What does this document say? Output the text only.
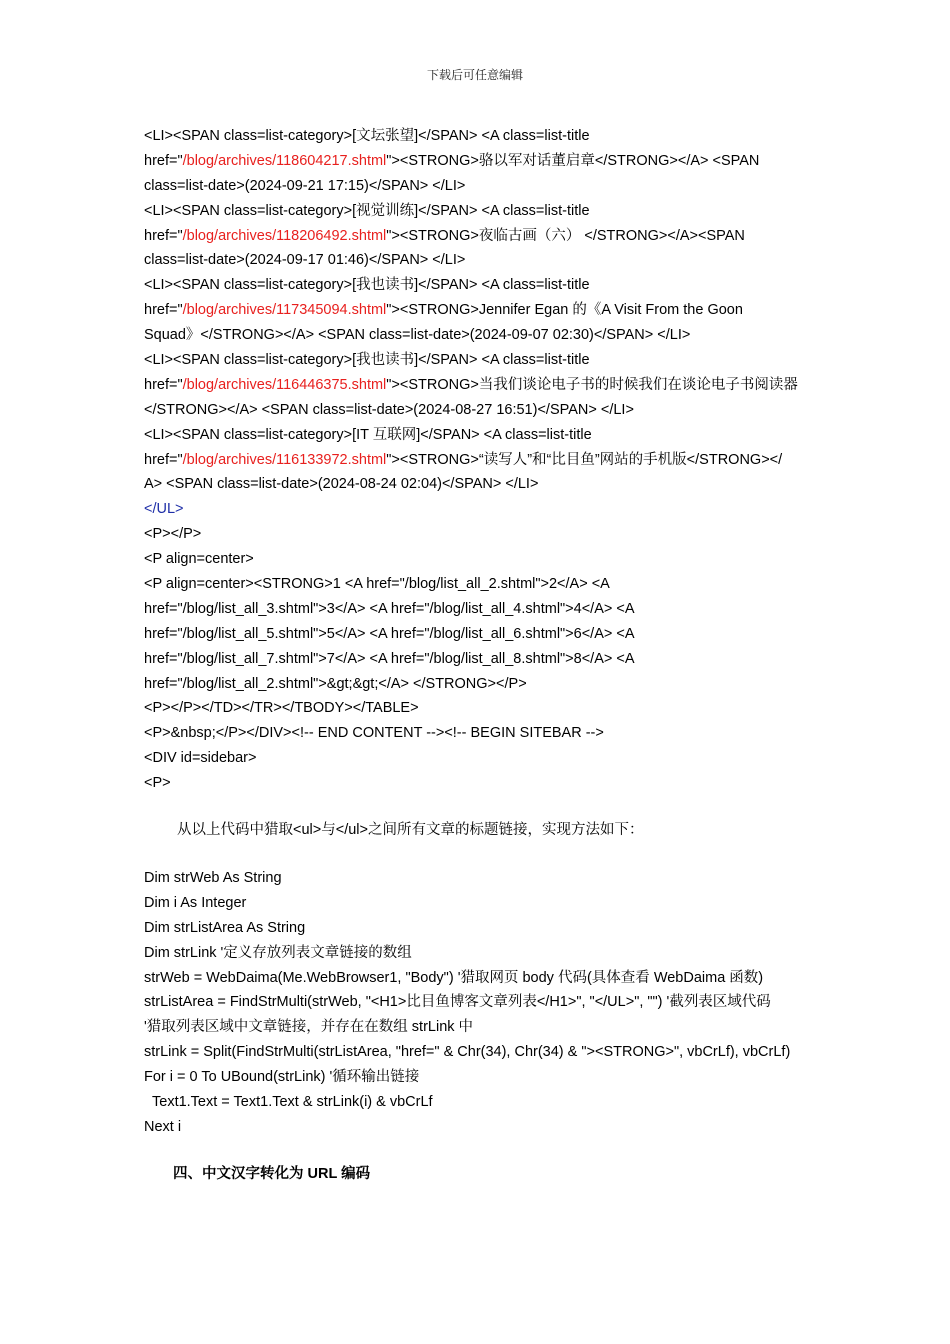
下载后可任意编辑
<LI><SPAN class=list-category>[文坛张望]</SPAN> <A class=list-title
href="/blog/archives/118604217.shtml"><STRONG>骆以军对话董启章</STRONG></A> <SPAN
class=list-date>(2024-09-21 17:15)</SPAN> </LI>
<LI><SPAN class=list-category>[视觉训练]</SPAN> <A class=list-title
href="/blog/archives/118206492.shtml"><STRONG>夜临古画（六） </STRONG></A><SPAN
class=list-date>(2024-09-17 01:46)</SPAN> </LI>
<LI><SPAN class=list-category>[我也读书]</SPAN> <A class=list-title
href="/blog/archives/117345094.shtml"><STRONG>Jennifer Egan 的《A Visit From the Goon
Squad》</STRONG></A> <SPAN class=list-date>(2024-09-07 02:30)</SPAN> </LI>
<LI><SPAN class=list-category>[我也读书]</SPAN> <A class=list-title
href="/blog/archives/116446375.shtml"><STRONG>当我们谈论电子书的时候我们在谈论电子书阅读器
</STRONG></A> <SPAN class=list-date>(2024-08-27 16:51)</SPAN> </LI>
<LI><SPAN class=list-category>[IT 互联网]</SPAN> <A class=list-title
href="/blog/archives/116133972.shtml"><STRONG>“读写人”和“比目鱼”网站的手机版</STRONG></
A> <SPAN class=list-date>(2024-08-24 02:04)</SPAN> </LI>
</UL>
<P></P>
<P align=center>
<P align=center><STRONG>1 <A href="/blog/list_all_2.shtml">2</A> <A
href="/blog/list_all_3.shtml">3</A> <A href="/blog/list_all_4.shtml">4</A> <A
href="/blog/list_all_5.shtml">5</A> <A href="/blog/list_all_6.shtml">6</A> <A
href="/blog/list_all_7.shtml">7</A> <A href="/blog/list_all_8.shtml">8</A> <A
href="/blog/list_all_2.shtml">&gt;&gt;</A> </STRONG></P>
<P></P></TD></TR></TBODY></TABLE>
<P>&nbsp;</P></DIV><!-- END CONTENT --><!-- BEGIN SITEBAR -->
<DIV id=sidebar>
<P>
从以上代码中猎取<ul>与</ul>之间所有文章的标题链接，实现方法如下：
Dim strWeb As String
Dim i As Integer
Dim strListArea As String
Dim strLink '定义存放列表文章链接的数组
strWeb = WebDaima(Me.WebBrowser1, "Body") '猎取网页 body 代码(具体查看 WebDaima 函数)
strListArea = FindStrMulti(strWeb, "<H1>比目鱼博客文章列表</H1>", "</UL>", "") '截列表区域代码
'猎取列表区域中文章链接，并存在在数组 strLink 中
strLink = Split(FindStrMulti(strListArea, "href=" & Chr(34), Chr(34) & "><STRONG>", vbCrLf), vbCrLf)
For i = 0 To UBound(strLink) '循环输出链接
Text1.Text = Text1.Text & strLink(i) & vbCrLf
Next i
四、中文汉字转化为 URL 编码
